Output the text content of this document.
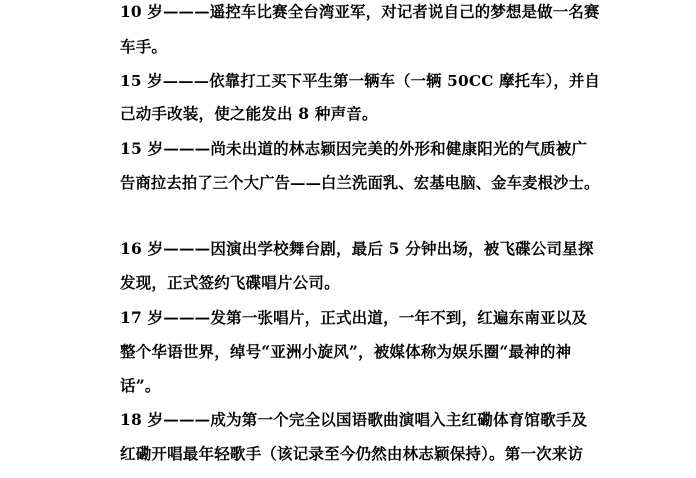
10 岁———遥控车比赛全台湾亚军，对记者说自己的梦想是做一名赛
车手。
15 岁———依靠打工买下平生第一辆车（一辆 50CC 摩托车），并自
己动手改装，使之能发出 8 种声音。
15 岁———尚未出道的林志颖因完美的外形和健康阳光的气质被广
告商拉去拍了三个大广告——白兰洗面乳、宏基电脑、金车麦根沙士。
16 岁———因演出学校舞台剧，最后 5 分钟出场，被飞碟公司星探
发现，正式签约飞碟唱片公司。
17 岁———发第一张唱片，正式出道，一年不到，红遍东南亚以及
整个华语世界，绰号“亚洲小旋风”，被媒体称为娱乐圈“最神的神
话”。
18 岁———成为第一个完全以国语歌曲演唱入主红磡体育馆歌手及
红磡开唱最年轻歌手（该记录至今仍然由林志颖保持）。第一次来访
